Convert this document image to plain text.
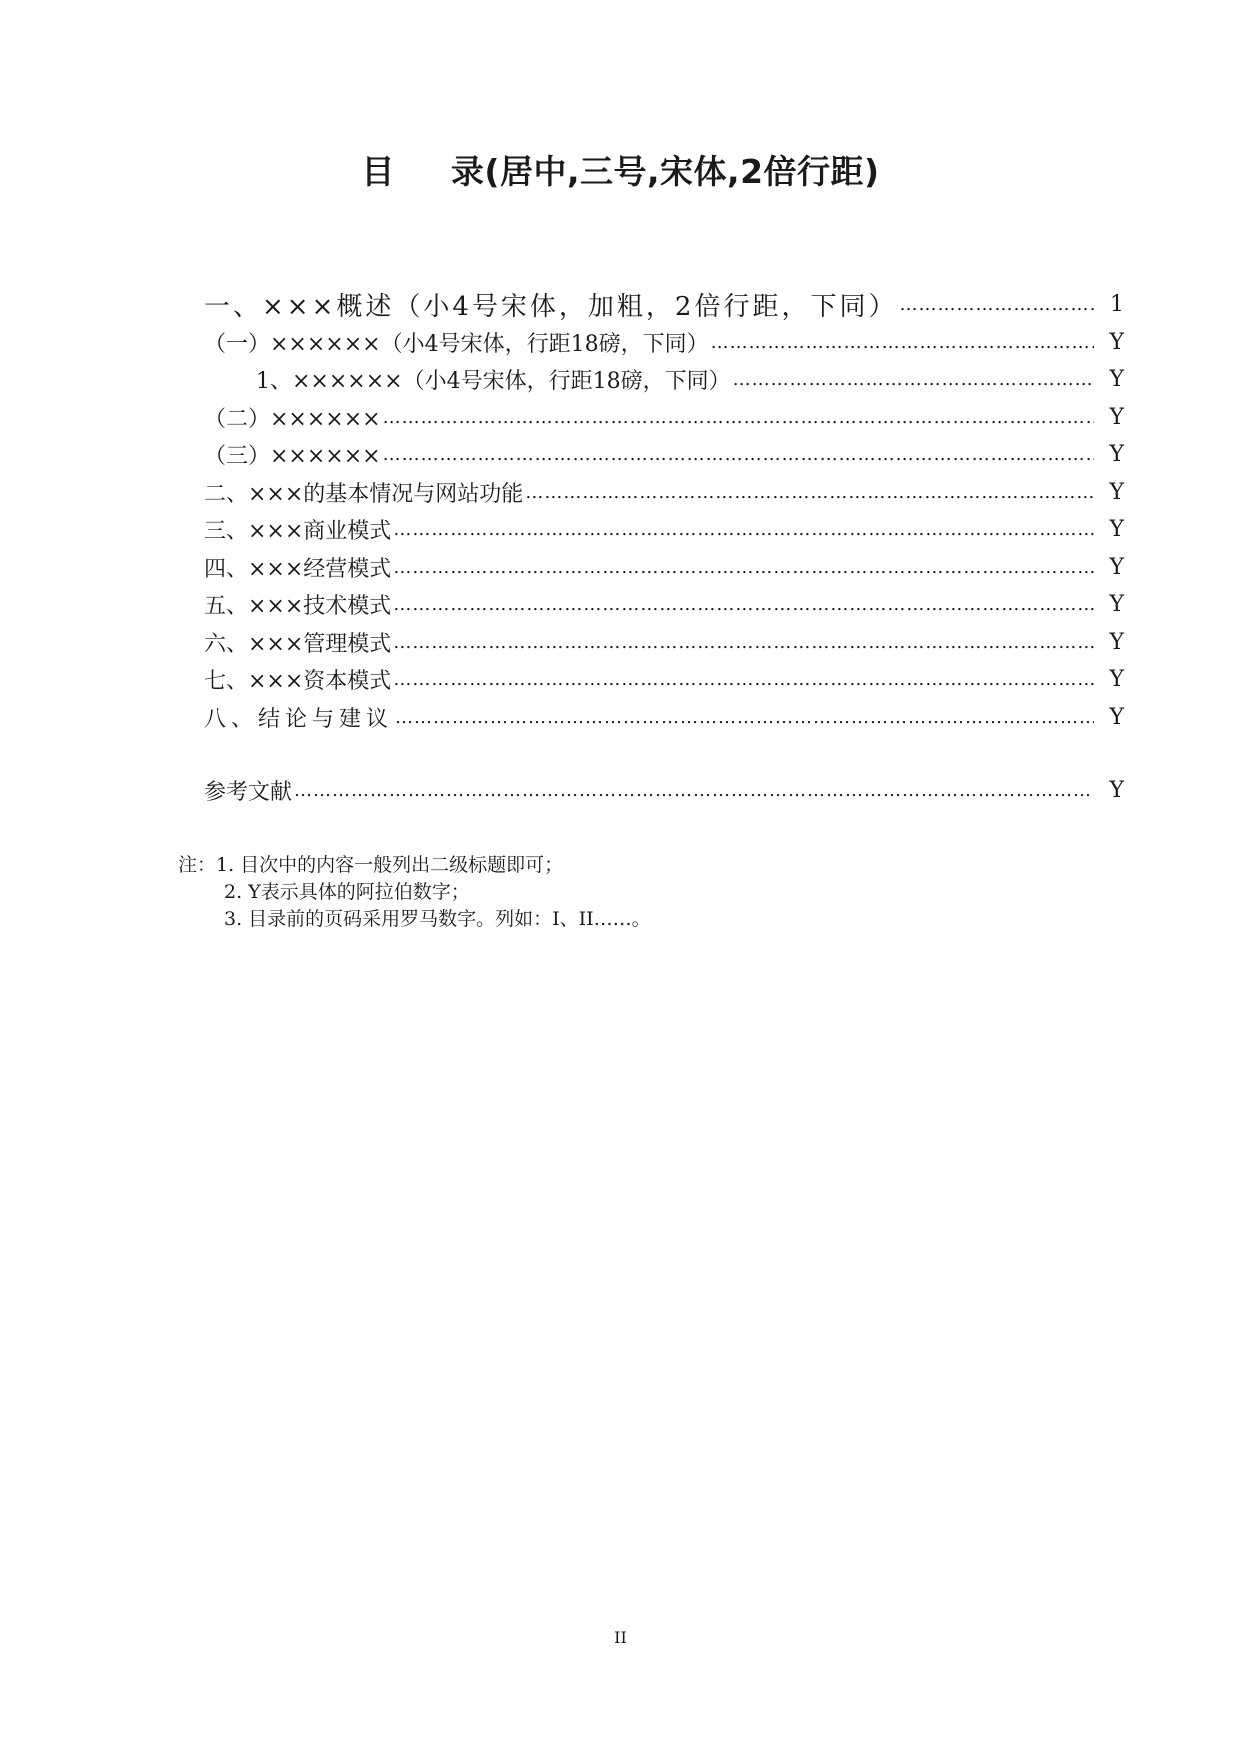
目 录(居中,三号,宋体,2倍行距)
一、×××概述（小4号宋体，加粗，2倍行距，下同） ……………………………………………………………………………………………………………………………………………………………………	1
（一）××××××（小4号宋体，行距18磅，下同） ……………………………………………………………………………………………………………………………………………………………………	Y
1、××××××（小4号宋体，行距18磅，下同） ……………………………………………………………………………………………………………………………………………………………………	Y
（二）×××××× ……………………………………………………………………………………………………………………………………………………………………	Y
（三）×××××× ……………………………………………………………………………………………………………………………………………………………………	Y
二、×××的基本情况与网站功能 ……………………………………………………………………………………………………………………………………………………………………	Y
三、×××商业模式 ……………………………………………………………………………………………………………………………………………………………………	Y
四、×××经营模式 ……………………………………………………………………………………………………………………………………………………………………	Y
五、×××技术模式 ……………………………………………………………………………………………………………………………………………………………………	Y
六、×××管理模式 ……………………………………………………………………………………………………………………………………………………………………	Y
七、×××资本模式 ……………………………………………………………………………………………………………………………………………………………………	Y
八、结论与建议 ……………………………………………………………………………………………………………………………………………………………………	Y
参考文献 ……………………………………………………………………………………………………………………………………………………………………	Y
注：1. 目次中的内容一般列出二级标题即可；
2. Y表示具体的阿拉伯数字；
3. 目录前的页码采用罗马数字。列如：I、II……。
II
